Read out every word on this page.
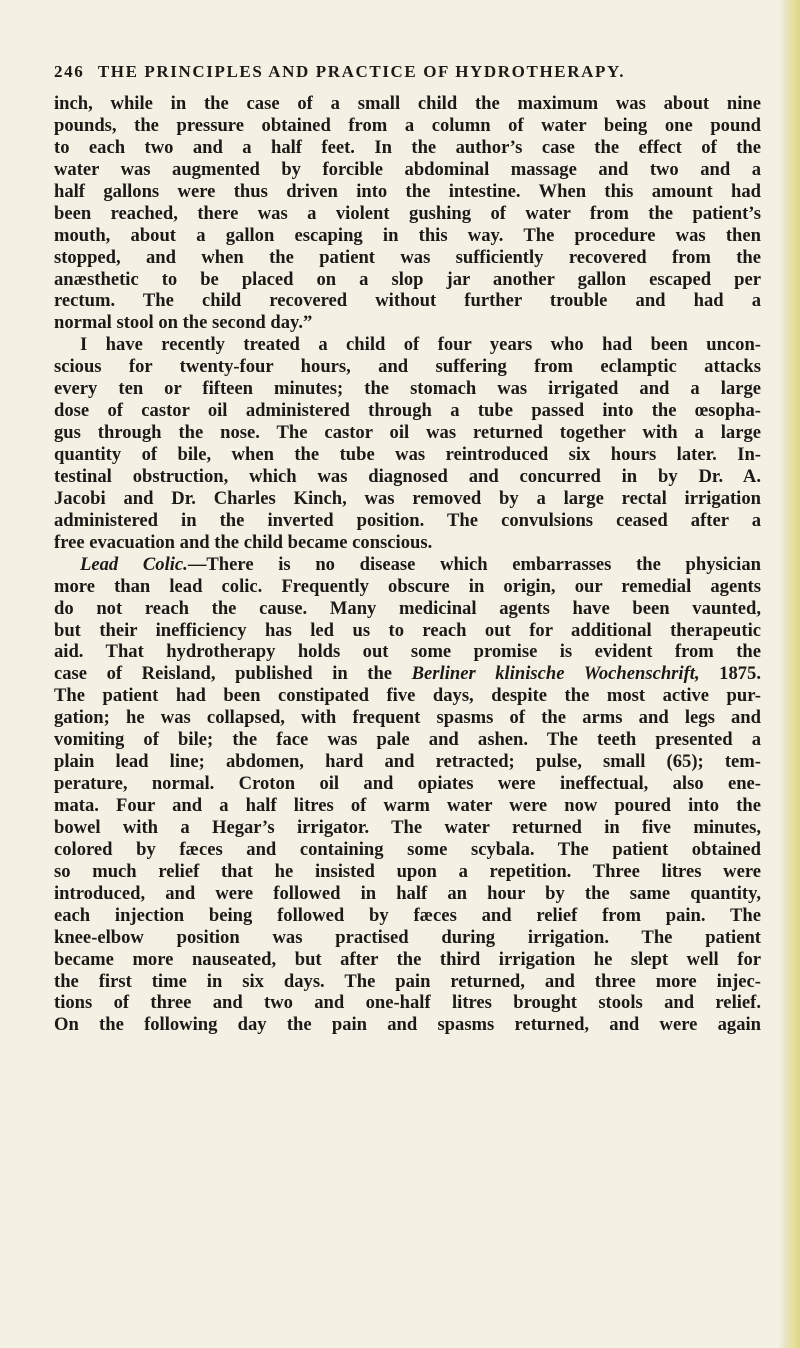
246 THE PRINCIPLES AND PRACTICE OF HYDROTHERAPY.

inch, while in the case of a small child the maximum was about nine
pounds, the pressure obtained from a column of water being one pound
to each two and a half feet. In the author’s case the effect of the
water was augmented by forcible abdominal massage and two and a
half gallons were thus driven into the intestine. When this amount had
been reached, there was a violent gushing of water from the patient’s
mouth, about a gallon escaping in this way. The procedure was then
stopped, and when the patient was sufficiently recovered from the
anæsthetic to be placed on a slop jar another gallon escaped per
rectum. The child recovered without further trouble and had a
normal stool on the second day.”

I have recently treated a child of four years who had been uncon-
scious for twenty-four hours, and suffering from eclamptic attacks
every ten or fifteen minutes; the stomach was irrigated and a large
dose of castor oil administered through a tube passed into the œsopha-
gus through the nose. The castor oil was returned together with a large
quantity of bile, when the tube was reintroduced six hours later. In-
testinal obstruction, which was diagnosed and concurred in by Dr. A.
Jacobi and Dr. Charles Kinch, was removed by a large rectal irrigation
administered in the inverted position. The convulsions ceased after a
free evacuation and the child became conscious.

Lead Colic.—There is no disease which embarrasses the physician
more than lead colic. Frequently obscure in origin, our remedial agents
do not reach the cause. Many medicinal agents have been vaunted,
but their inefficiency has led us to reach out for additional therapeutic
aid. That hydrotherapy holds out some promise is evident from the
case of Reisland, published in the Berliner klinische Wochenschrift, 1875.
The patient had been constipated five days, despite the most active pur-
gation; he was collapsed, with frequent spasms of the arms and legs and
vomiting of bile; the face was pale and ashen. The teeth presented a
plain lead line; abdomen, hard and retracted; pulse, small (65); tem-
perature, normal. Croton oil and opiates were ineffectual, also ene-
mata. Four and a half litres of warm water were now poured into the
bowel with a Hegar’s irrigator. The water returned in five minutes,
colored by fæces and containing some scybala. The patient obtained
so much relief that he insisted upon a repetition. Three litres were
introduced, and were followed in half an hour by the same quantity,
each injection being followed by fæces and relief from pain. The
knee-elbow position was practised during irrigation. The patient
became more nauseated, but after the third irrigation he slept well for
the first time in six days. The pain returned, and three more injec-
tions of three and two and one-half litres brought stools and relief.
On the following day the pain and spasms returned, and were again
